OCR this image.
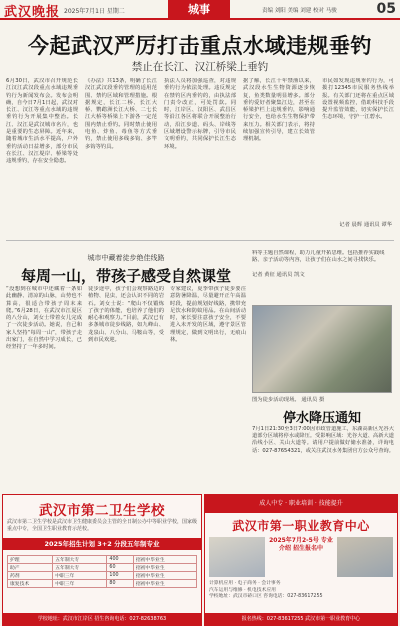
武汉晚报 2025年7月1日 星期二	城事	责编 刘阳 美编 刘建 校对 马骏	05
今起武汉严厉打击重点水域违规垂钓
禁止在长江、汉江桥梁上垂钓
6月30日，武汉市召开规范长江汉江武汉段重点水域违规垂钓行为新闻发布会。发布会明确，自今日7月1日起，武汉对长江、汉江等重点水域的违规垂钓行为开展集中整治。长江、汉江是武汉城市名片，也是重要的生态屏障。近年来，随着城市生活水平提高，户外垂钓活动日益增多，部分市民在长江、汉江堤岸、桥梁等处违规垂钓，存在安全隐患。
《办法》共13条，明确了长江汉江武汉段垂钓管理的适用范围、禁钓区域和管理措施。根据规定，长江二桥、长江大桥、鹦鹉洲长江大桥、二七长江大桥等桥梁上下游各一定范围内禁止垂钓。同时禁止使用电鱼、炸鱼、毒鱼等方式垂钓，禁止使用多线多钩、多竿多钩等钓具。
执法人员将加强巡查，对违规垂钓行为依法处理。违反规定在禁钓区内垂钓的，由执法部门责令改正，可处罚款。同时，江岸区、汉阳区、武昌区等沿江各区将联合开展整治行动，沿江步道、码头、岸线等区域增设警示标牌，引导市民文明垂钓，共同保护长江生态环境。
据了解，长江十年禁渔以来，武汉段水生生物资源逐步恢复，鱼类数量明显增多。部分垂钓爱好者聚集江边，甚至在桥梁护栏上违规垂钓，影响通行安全，也给水生生物保护带来压力。相关部门表示，将持续加强宣传引导，建立长效管理机制。
市民如发现违规垂钓行为，可拨打12345市民服务热线举报。有关部门还将在重点区域设置视频监控，借助科技手段提升监管效能，切实保护长江生态环境，守护一江碧水。
记者 晨辉 通讯员 谭华
城市中藏着徒步绝佳线路
每周一山，带孩子感受自然课堂
“没想到在城市中还藏着一条如此幽静、清凉的山脉，山势也不算高，很适合带孩子周末来爬。”6月28日，在武汉市江夏区的八分山，刘女士带着女儿完成了一次徒步活动。她说，自己和家人坚持“每周一山”，带孩子走出家门，在自然中学习成长，已经坚持了一年多时间。
徒步途中，孩子们会观察路边的植物、昆虫，还会认识不同的岩石。刘女士说：“爬山不仅锻炼了孩子的体能，也培养了他们的耐心和观察力。”目前，武汉已有多条城市徒步线路，如九峰山、龙泉山、八分山、马鞍山等，受到市民欢迎。
专家建议，夏季带孩子徒步要注意防暑降温，尽量避开正午高温时段，提前规划好线路，携带充足饮水和防蚊用品。在山间活动时，家长要注意孩子安全，不要进入未开发的区域，遵守景区管理规定，做到文明出行，无痕山林。
料等主题自然课程，助力儿童开拓思维。包括推荐实践线路、亲子活动等内容，让孩子们在山水之间寻找快乐。
记者 黄征 通讯员 凯文
图为徒步活动现场。 通讯员 摄
停水降压通知
7月1日21:30至3日7:00因市政管道施工，东湖高新区光谷大道部分区域将停水或降压。受影响区域：光谷大道、高新大道沿线小区、关山大道等。请用户提前做好储水准备，详询电话：027-87654321，或关注武汉水务集团官方公众号查询。
武汉市第二卫生学校
武汉市第二卫生学校是武汉市卫生健康委员会主管的全日制公办中等职业学校，国家级重点中专，全国卫生职业教育示范校。
2025年招生计划 3+2 分段五年制专业
护理	五年制大专	400	招初中毕业生
助产	五年制大专	60	招初中毕业生
药剂	中职三年	100	招初中毕业生
康复技术	中职三年	80	招初中毕业生
学校地址：武汉市江岸区 招生咨询电话：027-82638763
成人中专 · 职业培训 · 技能提升
武汉市第一职业教育中心
2025年7月2-5号 专业介绍 招生报名中
计算机应用 · 电子商务 · 会计事务
汽车运用与维修 · 机电技术应用
学校地址：武汉市硚口区 咨询电话：027-83617255
报名热线：027-83617255 武汉市第一职业教育中心
